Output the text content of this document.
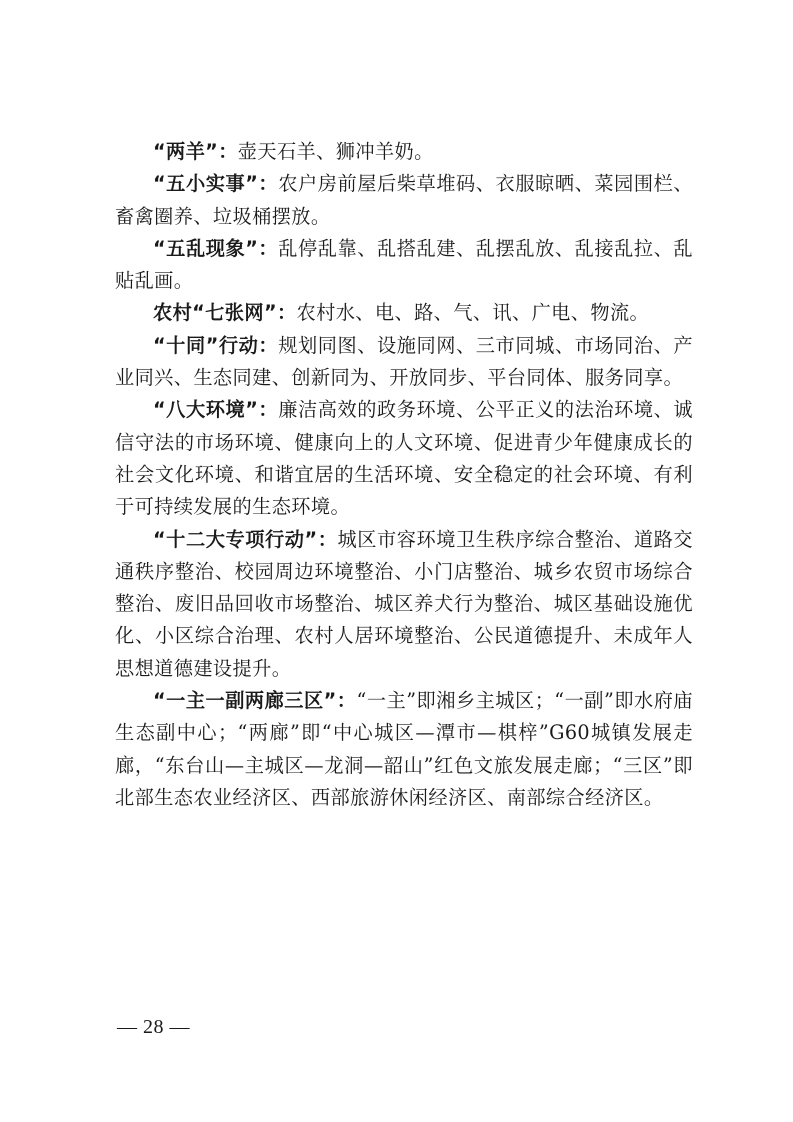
“两羊”：壶天石羊、狮冲羊奶。

“五小实事”：农户房前屋后柴草堆码、衣服晾晒、菜园围栏、畜禽圈养、垃圾桶摆放。

“五乱现象”：乱停乱靠、乱搭乱建、乱摆乱放、乱接乱拉、乱贴乱画。

农村“七张网”：农村水、电、路、气、讯、广电、物流。

“十同”行动：规划同图、设施同网、三市同城、市场同治、产业同兴、生态同建、创新同为、开放同步、平台同体、服务同享。

“八大环境”：廉洁高效的政务环境、公平正义的法治环境、诚信守法的市场环境、健康向上的人文环境、促进青少年健康成长的社会文化环境、和谐宜居的生活环境、安全稳定的社会环境、有利于可持续发展的生态环境。

“十二大专项行动”：城区市容环境卫生秩序综合整治、道路交通秩序整治、校园周边环境整治、小门店整治、城乡农贸市场综合整治、废旧品回收市场整治、城区养犬行为整治、城区基础设施优化、小区综合治理、农村人居环境整治、公民道德提升、未成年人思想道德建设提升。

“一主一副两廊三区”：“一主”即湘乡主城区；“一副”即水府庙生态副中心；“两廊”即“中心城区—潭市—棋梓”G60城镇发展走廊，“东台山—主城区—龙洞—韶山”红色文旅发展走廊；“三区”即北部生态农业经济区、西部旅游休闲经济区、南部综合经济区。

— 28 —
